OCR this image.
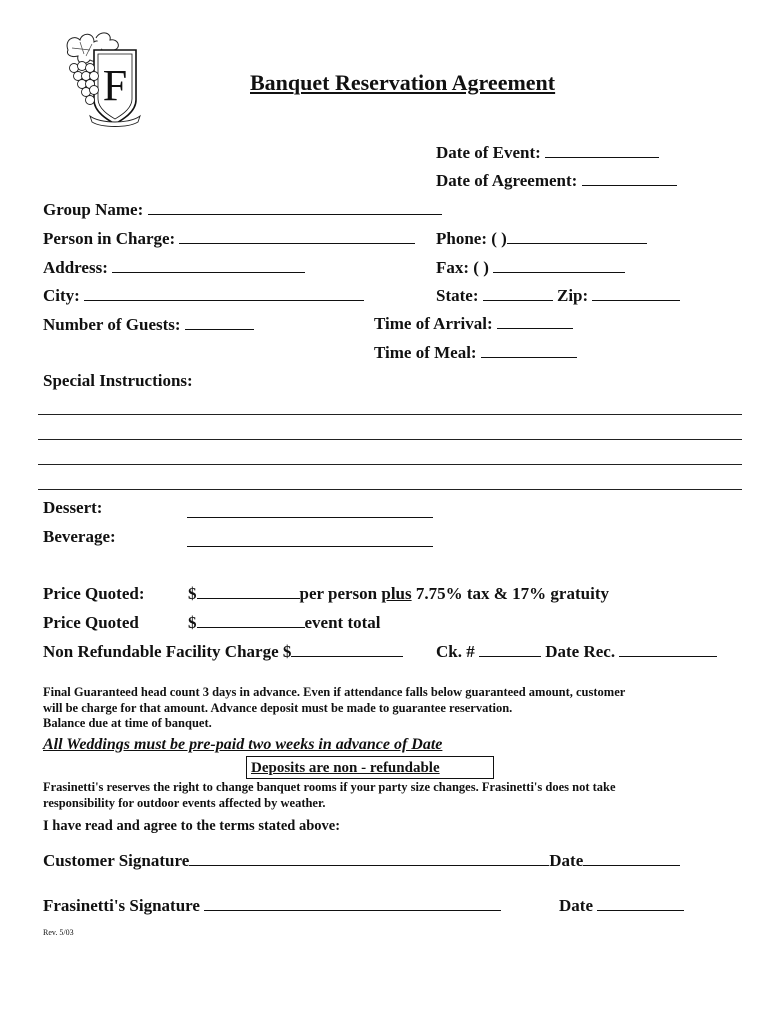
F	Banquet Reservation Agreement
Date of Event:
Date of Agreement:
Group Name:
Person in Charge:	Phone: ( )
Address:	Fax: ( )
City:	State:	Zip:
Number of Guests:	Time of Arrival:
Time of Meal:
Special Instructions:
Dessert:
Beverage:
Price Quoted:	$	per person plus 7.75% tax & 17% gratuity
Price Quoted	$	event total
Non Refundable Facility Charge $	Ck. #	Date Rec.
Final Guaranteed head count 3 days in advance. Even if attendance falls below guaranteed amount, customer
will be charge for that amount. Advance deposit must be made to guarantee reservation.
Balance due at time of banquet.
All Weddings must be pre-paid two weeks in advance of Date
Deposits are non - refundable
Frasinetti's reserves the right to change banquet rooms if your party size changes. Frasinetti's does not take
responsibility for outdoor events affected by weather.
I have read and agree to the terms stated above:
Customer Signature	Date
Frasinetti's Signature	Date
Rev. 5/03
